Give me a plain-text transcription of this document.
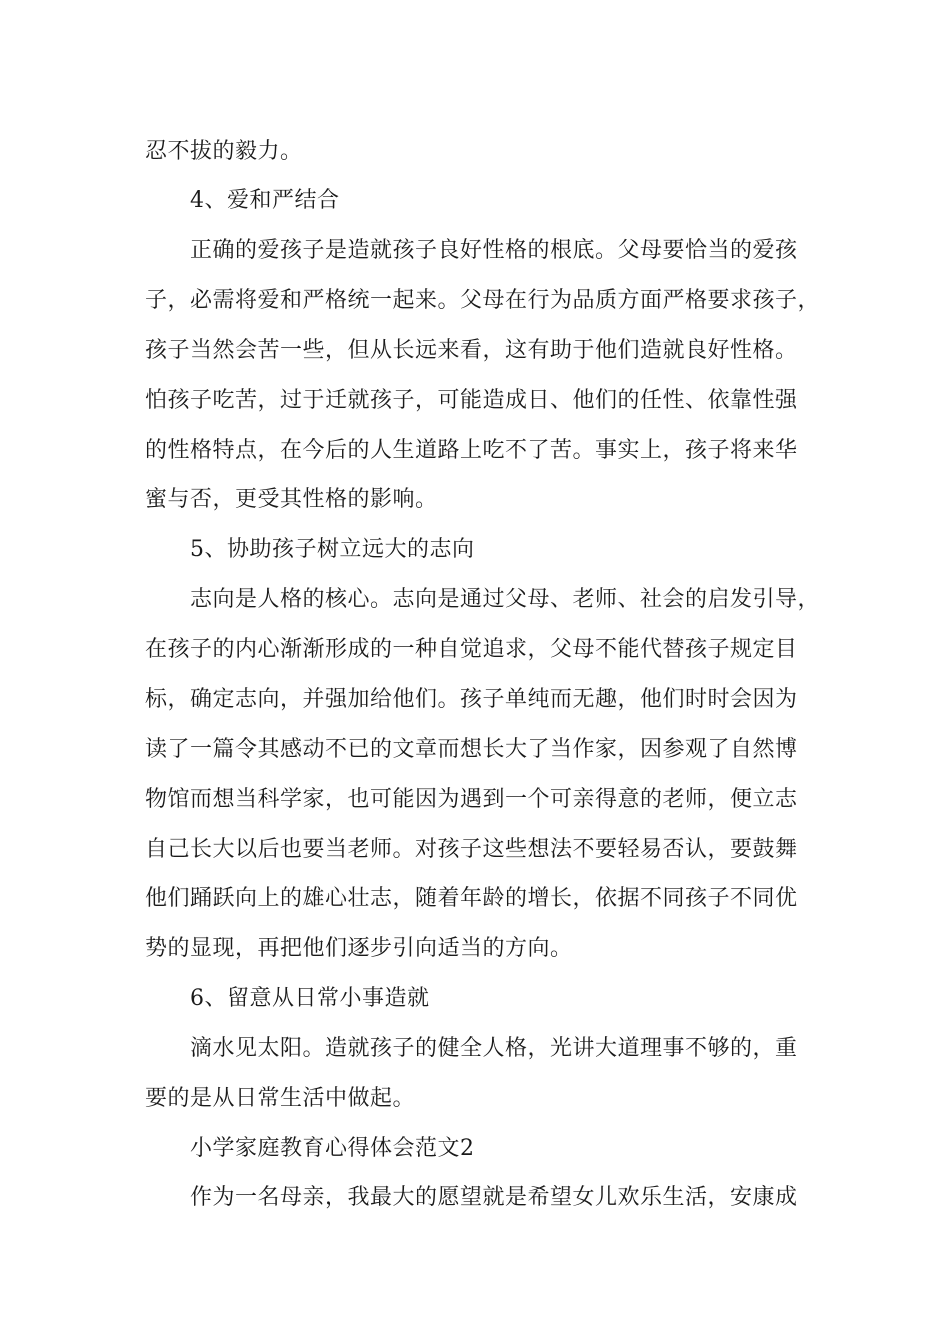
忍不拔的毅力。
4、爱和严结合
正确的爱孩子是造就孩子良好性格的根底。父母要恰当的爱孩
子，必需将爱和严格统一起来。父母在行为品质方面严格要求孩子，
孩子当然会苦一些，但从长远来看，这有助于他们造就良好性格。
怕孩子吃苦，过于迁就孩子，可能造成日、他们的任性、依靠性强
的性格特点，在今后的人生道路上吃不了苦。事实上，孩子将来华
蜜与否，更受其性格的影响。
5、协助孩子树立远大的志向
志向是人格的核心。志向是通过父母、老师、社会的启发引导，
在孩子的内心渐渐形成的一种自觉追求，父母不能代替孩子规定目
标，确定志向，并强加给他们。孩子单纯而无趣，他们时时会因为
读了一篇令其感动不已的文章而想长大了当作家，因参观了自然博
物馆而想当科学家，也可能因为遇到一个可亲得意的老师，便立志
自己长大以后也要当老师。对孩子这些想法不要轻易否认，要鼓舞
他们踊跃向上的雄心壮志，随着年龄的增长，依据不同孩子不同优
势的显现，再把他们逐步引向适当的方向。
6、留意从日常小事造就
滴水见太阳。造就孩子的健全人格，光讲大道理事不够的，重
要的是从日常生活中做起。
小学家庭教育心得体会范文2
作为一名母亲，我最大的愿望就是希望女儿欢乐生活，安康成
